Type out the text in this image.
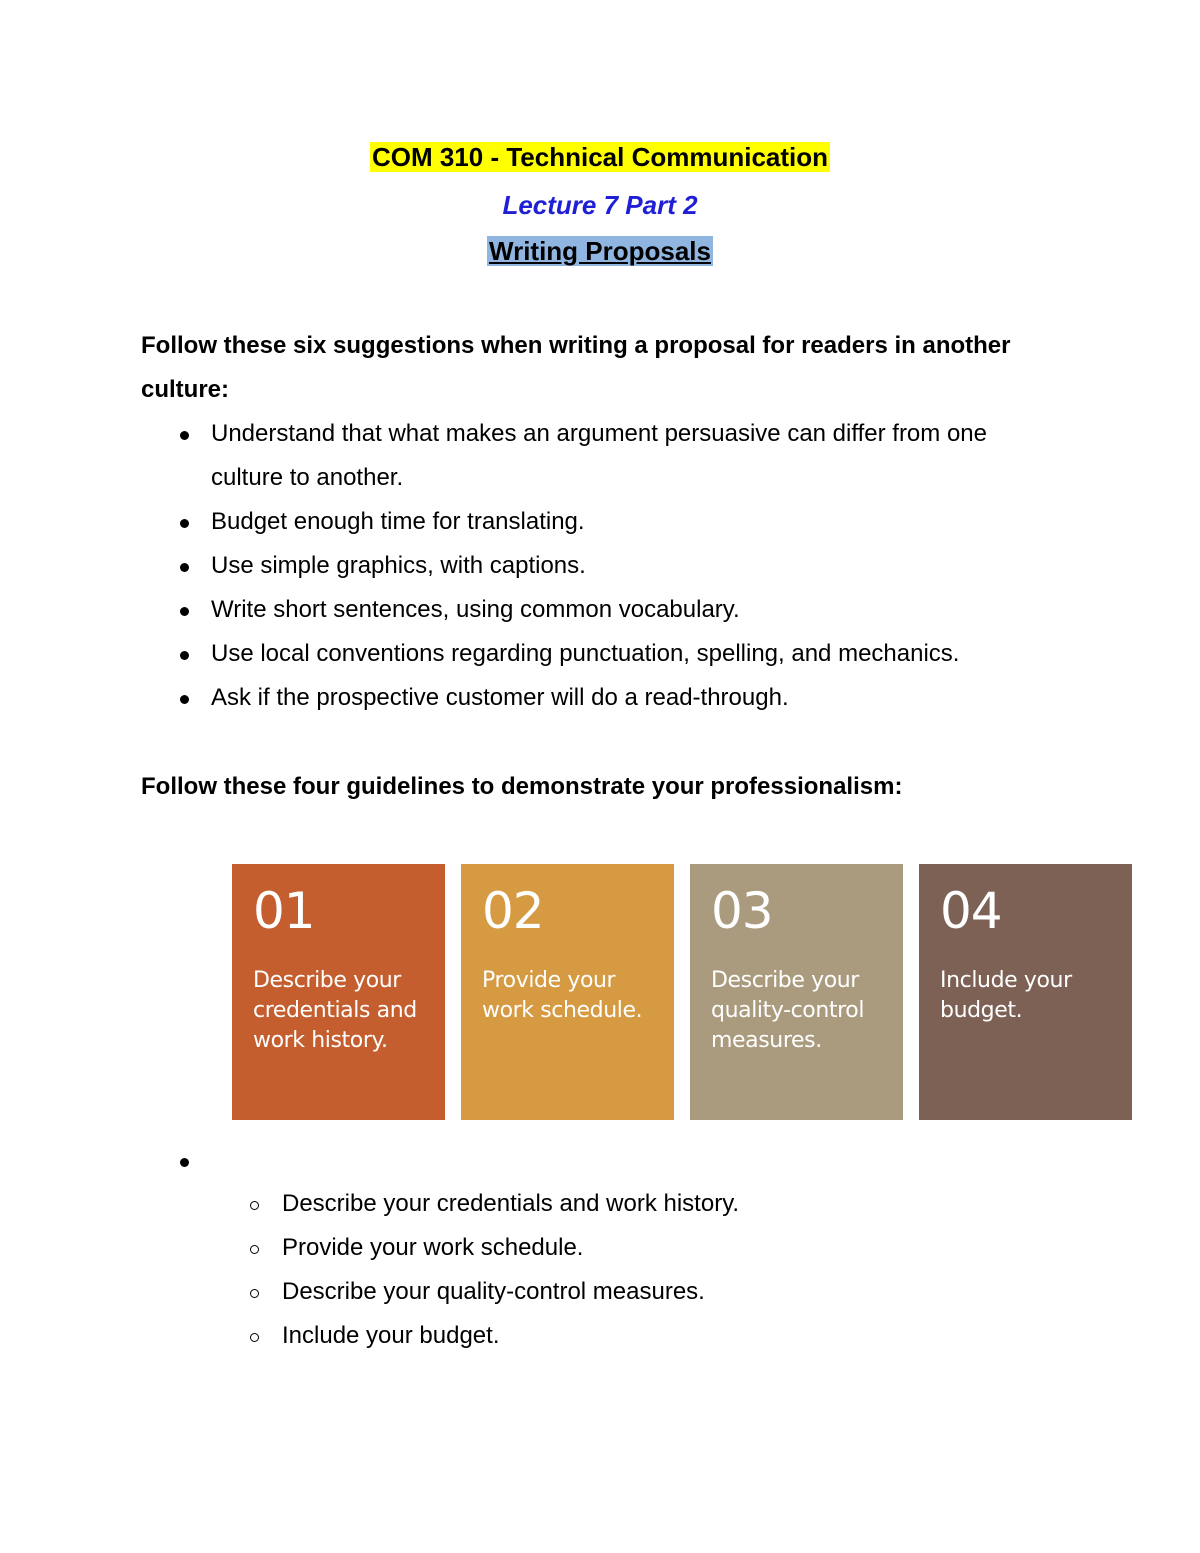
COM 310 - Technical Communication
Lecture 7 Part 2
Writing Proposals
Follow these six suggestions when writing a proposal for readers in another culture:
Understand that what makes an argument persuasive can differ from one culture to another.
Budget enough time for translating.
Use simple graphics, with captions.
Write short sentences, using common vocabulary.
Use local conventions regarding punctuation, spelling, and mechanics.
Ask if the prospective customer will do a read-through.
Follow these four guidelines to demonstrate your professionalism:
01
Describe your credentials and work history.
02
Provide your work schedule.
03
Describe your quality-control measures.
04
Include your budget.
Describe your credentials and work history.
Provide your work schedule.
Describe your quality-control measures.
Include your budget.
